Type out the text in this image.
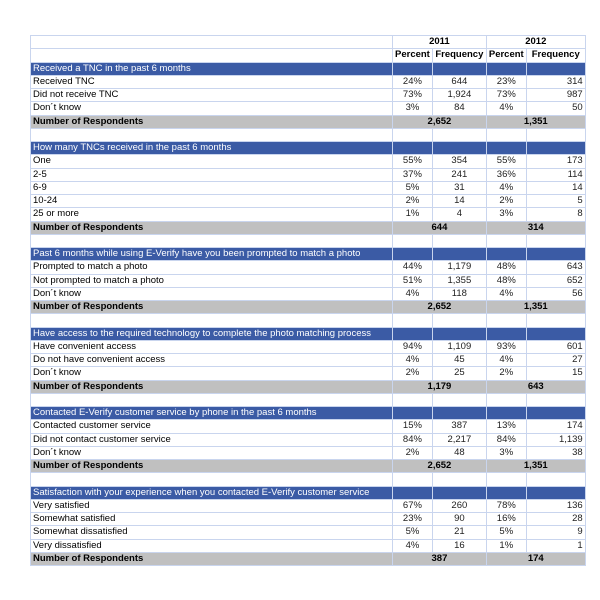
	2011		2012	
	Percent	Frequency	Percent	Frequency
Received a TNC in the past 6 months				
Received TNC	24%	644	23%	314
Did not receive TNC	73%	1,924	73%	987
Don´t know	3%	84	4%	50
Number of Respondents	2,652		1,351	

How many TNCs received in the past 6 months				
One	55%	354	55%	173
2-5	37%	241	36%	114
6-9	5%	31	4%	14
10-24	2%	14	2%	5
25 or more	1%	4	3%	8
Number of Respondents	644		314	

Past 6 months while using E-Verify have you been prompted to match a photo				
Prompted to match a photo	44%	1,179	48%	643
Not prompted to match a photo	51%	1,355	48%	652
Don´t know	4%	118	4%	56
Number of Respondents	2,652		1,351	

Have access to the required technology to complete the photo matching process				
Have convenient access	94%	1,109	93%	601
Do not have convenient access	4%	45	4%	27
Don´t know	2%	25	2%	15
Number of Respondents	1,179		643	

Contacted E-Verify customer service by phone in the past 6 months				
Contacted customer service	15%	387	13%	174
Did not contact customer service	84%	2,217	84%	1,139
Don´t know	2%	48	3%	38
Number of Respondents	2,652		1,351	

Satisfaction with your experience when you contacted E-Verify customer service				
Very satisfied	67%	260	78%	136
Somewhat satisfied	23%	90	16%	28
Somewhat dissatisfied	5%	21	5%	9
Very dissatisfied	4%	16	1%	1
Number of Respondents	387		174	
